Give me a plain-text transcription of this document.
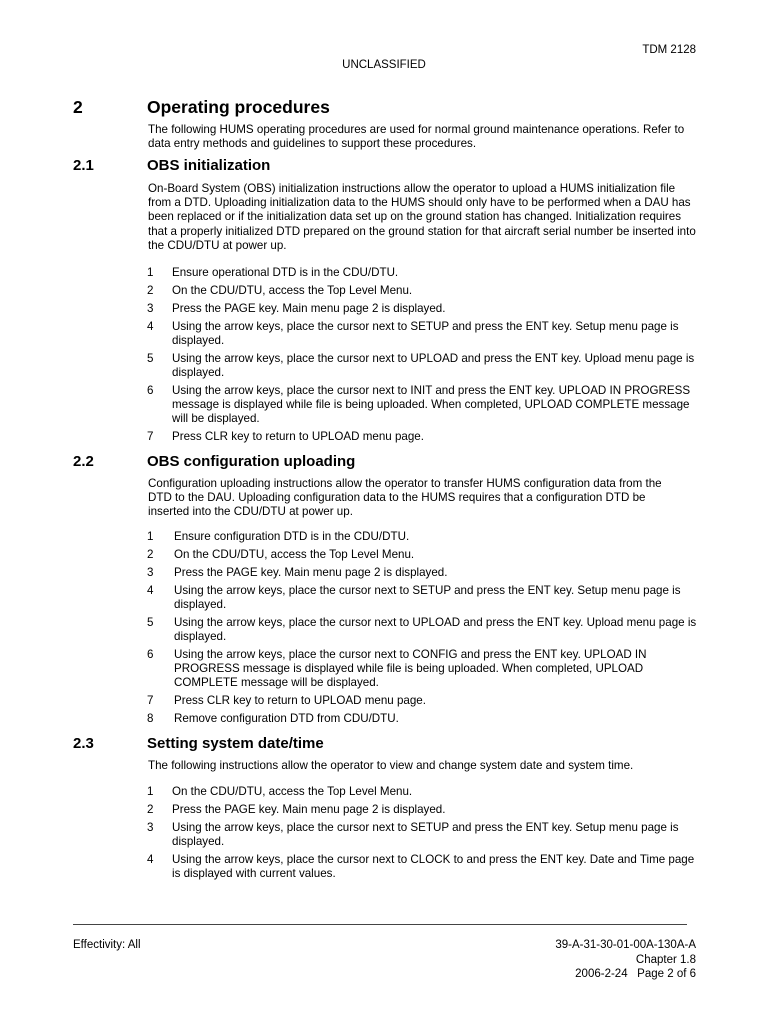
TDM 2128
UNCLASSIFIED
2	Operating procedures
The following HUMS operating procedures are used for normal ground maintenance operations. Refer to data entry methods and guidelines to support these procedures.
2.1	OBS initialization
On-Board System (OBS) initialization instructions allow the operator to upload a HUMS initialization file from a DTD. Uploading initialization data to the HUMS should only have to be performed when a DAU has been replaced or if the initialization data set up on the ground station has changed. Initialization requires that a properly initialized DTD prepared on the ground station for that aircraft serial number be inserted into the CDU/DTU at power up.
1 Ensure operational DTD is in the CDU/DTU.
2 On the CDU/DTU, access the Top Level Menu.
3 Press the PAGE key. Main menu page 2 is displayed.
4 Using the arrow keys, place the cursor next to SETUP and press the ENT key. Setup menu page is displayed.
5 Using the arrow keys, place the cursor next to UPLOAD and press the ENT key. Upload menu page is displayed.
6 Using the arrow keys, place the cursor next to INIT and press the ENT key. UPLOAD IN PROGRESS message is displayed while file is being uploaded. When completed, UPLOAD COMPLETE message will be displayed.
7 Press CLR key to return to UPLOAD menu page.
2.2	OBS configuration uploading
Configuration uploading instructions allow the operator to transfer HUMS configuration data from the DTD to the DAU. Uploading configuration data to the HUMS requires that a configuration DTD be inserted into the CDU/DTU at power up.
1 Ensure configuration DTD is in the CDU/DTU.
2 On the CDU/DTU, access the Top Level Menu.
3 Press the PAGE key. Main menu page 2 is displayed.
4 Using the arrow keys, place the cursor next to SETUP and press the ENT key. Setup menu page is displayed.
5 Using the arrow keys, place the cursor next to UPLOAD and press the ENT key. Upload menu page is displayed.
6 Using the arrow keys, place the cursor next to CONFIG and press the ENT key. UPLOAD IN PROGRESS message is displayed while file is being uploaded. When completed, UPLOAD COMPLETE message will be displayed.
7 Press CLR key to return to UPLOAD menu page.
8 Remove configuration DTD from CDU/DTU.
2.3	Setting system date/time
The following instructions allow the operator to view and change system date and system time.
1 On the CDU/DTU, access the Top Level Menu.
2 Press the PAGE key. Main menu page 2 is displayed.
3 Using the arrow keys, place the cursor next to SETUP and press the ENT key. Setup menu page is displayed.
4 Using the arrow keys, place the cursor next to CLOCK to and press the ENT key. Date and Time page is displayed with current values.
Effectivity: All	39-A-31-30-01-00A-130A-A
Chapter 1.8
2006-2-24   Page 2 of 6
